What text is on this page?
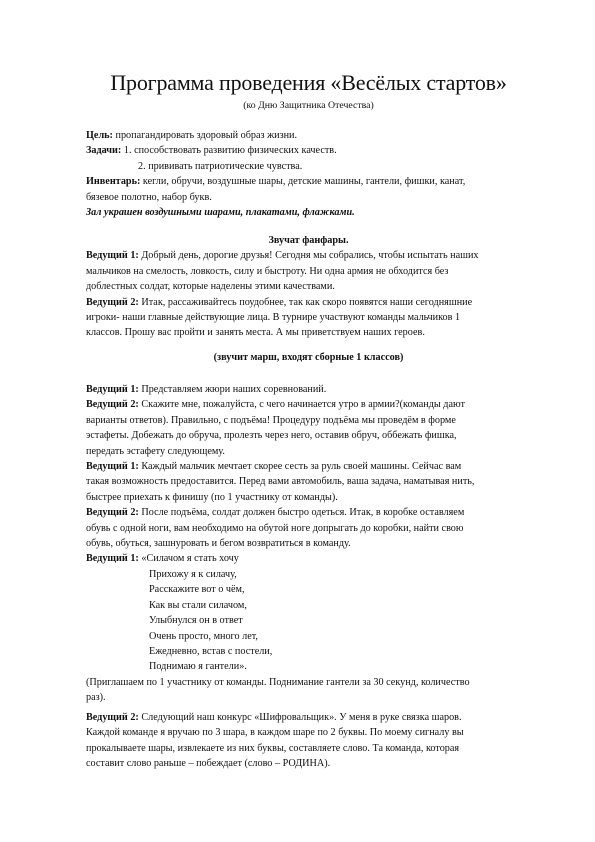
Программа проведения «Весёлых стартов»
(ко Дню Защитника Отечества)

Цель: пропагандировать здоровый образ жизни.

Задачи: 1. способствовать развитию физических качеств.

2. прививать патриотические чувства.

Инвентарь: кегли, обручи, воздушные шары, детские машины, гантели, фишки, канат,

бязевое полотно, набор букв.

Зал украшен воздушными шарами, плакатами, флажками.

Звучат фанфары.

Ведущий 1: Добрый день, дорогие друзья! Сегодня мы собрались, чтобы испытать наших

мальчиков на смелость, ловкость, силу и быстроту. Ни одна армия не обходится без

доблестных солдат, которые наделены этими качествами.

Ведущий 2: Итак, рассаживайтесь поудобнее, так как скоро появятся наши сегодняшние

игроки- наши главные действующие лица. В турнире участвуют команды мальчиков 1

классов. Прошу вас пройти и занять места. А мы приветствуем наших героев.

(звучит марш, входят сборные 1 классов)

Ведущий 1: Представляем жюри наших соревнований.

Ведущий 2: Скажите мне, пожалуйста, с чего начинается утро в армии?(команды дают

варианты ответов). Правильно, с подъёма! Процедуру подъёма мы проведём в форме

эстафеты. Добежать до обруча, пролезть через него, оставив обруч, оббежать фишка,

передать эстафету следующему.

Ведущий 1: Каждый мальчик мечтает скорее сесть за руль своей машины. Сейчас вам

такая возможность предоставится. Перед вами автомобиль, ваша задача, наматывая нить,

быстрее приехать к финишу (по 1 участнику от команды).

Ведущий 2: После подъёма, солдат должен быстро одеться. Итак, в коробке оставляем

обувь с одной ноги, вам необходимо на обутой ноге допрыгать до коробки, найти свою

обувь, обуться, зашнуровать и бегом возвратиться в команду.

Ведущий 1: «Силачом я стать хочу

Прихожу я к силачу,

Расскажите вот о чём,

Как вы стали силачом,

Улыбнулся он в ответ

Очень просто, много лет,

Ежедневно, встав с постели,

Поднимаю я гантели».

(Приглашаем по 1 участнику от команды. Поднимание гантели за 30 секунд, количество

раз).

Ведущий 2: Следующий наш конкурс «Шифровальщик». У меня в руке связка шаров.

Каждой команде я вручаю по 3 шара, в каждом шаре по 2 буквы. По моему сигналу вы

прокалываете шары, извлекаете из них буквы, составляете слово. Та команда, которая

составит слово раньше – побеждает (слово – РОДИНА).
